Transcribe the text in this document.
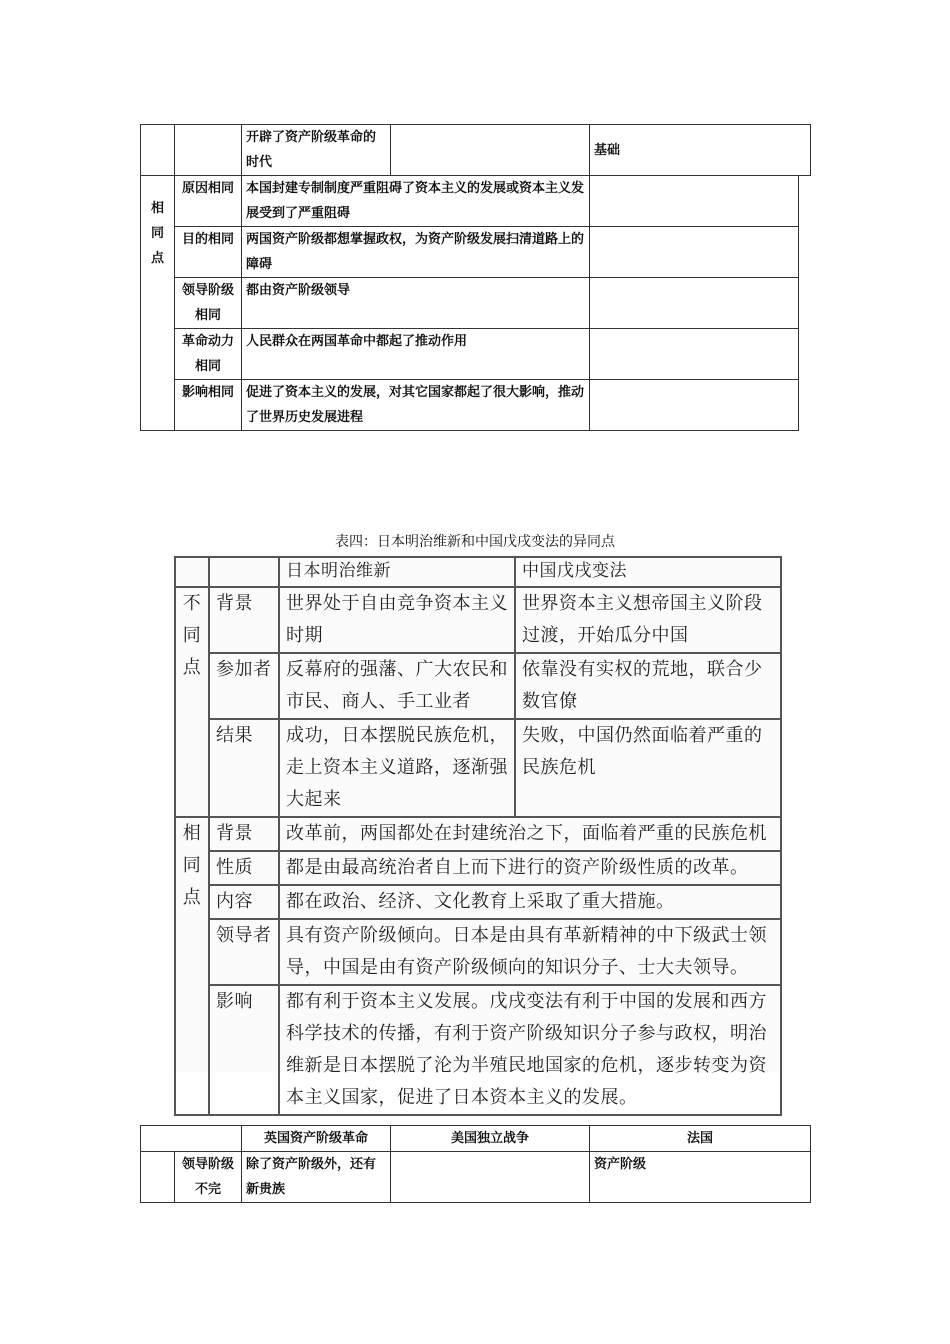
		开辟了资产阶级革命的时代		基础
相
同
点	原因相同	本国封建专制制度严重阻碍了资本主义的发展或资本主义发展受到了严重阻碍	
	目的相同	两国资产阶级都想掌握政权，为资产阶级发展扫清道路上的障碍	
	领导阶级相同	都由资产阶级领导	
	革命动力相同	人民群众在两国革命中都起了推动作用	
	影响相同	促进了资本主义的发展，对其它国家都起了很大影响，推动了世界历史发展进程	
表四：日本明治维新和中国戊戌变法的异同点
		日本明治维新	中国戊戌变法

不
同
点	背景	世界处于自由竞争资本主义时期	世界资本主义想帝国主义阶段过渡，开始瓜分中国
	参加者	反幕府的强藩、广大农民和市民、商人、手工业者	依靠没有实权的荒地，联合少数官僚
	结果	成功，日本摆脱民族危机，走上资本主义道路，逐渐强大起来	失败，中国仍然面临着严重的民族危机

相
同
点	背景	改革前，两国都处在封建统治之下，面临着严重的民族危机	
	性质	都是由最高统治者自上而下进行的资产阶级性质的改革。	
	内容	都在政治、经济、文化教育上采取了重大措施。	
	领导者	具有资产阶级倾向。日本是由具有革新精神的中下级武士领导，中国是由有资产阶级倾向的知识分子、士大夫领导。	
	影响	都有利于资本主义发展。戊戌变法有利于中国的发展和西方科学技术的传播，有利于资产阶级知识分子参与政权，明治维新是日本摆脱了沦为半殖民地国家的危机，逐步转变为资本主义国家，促进了日本资本主义的发展。	
		英国资产阶级革命	美国独立战争	法国
	领导阶级不完	除了资产阶级外，还有新贵族		资产阶级
